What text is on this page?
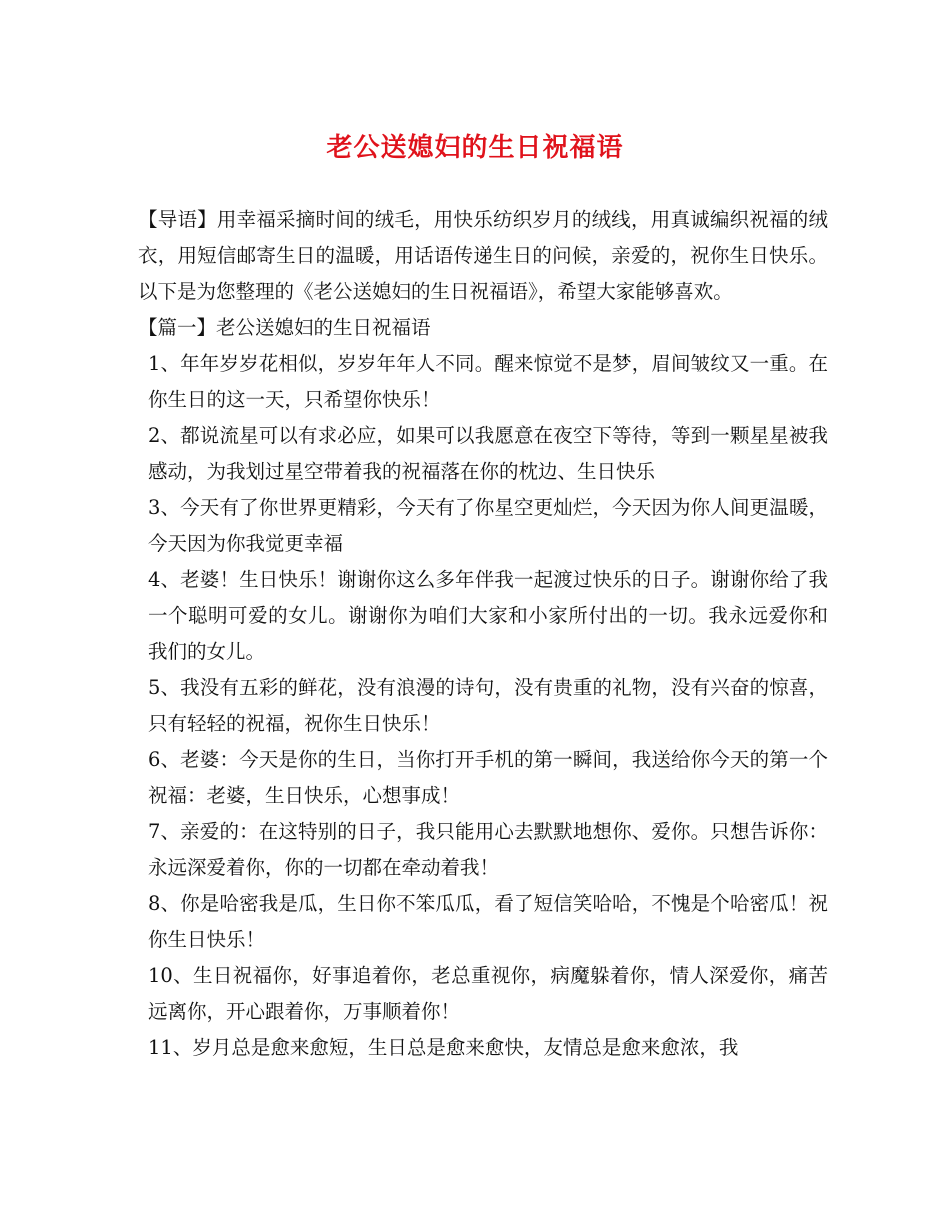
老公送媳妇的生日祝福语

【导语】用幸福采摘时间的绒毛，用快乐纺织岁月的绒线，用真诚编织祝福的绒衣，用短信邮寄生日的温暖，用话语传递生日的问候，亲爱的，祝你生日快乐。以下是为您整理的《老公送媳妇的生日祝福语》，希望大家能够喜欢。

【篇一】老公送媳妇的生日祝福语

1、年年岁岁花相似，岁岁年年人不同。醒来惊觉不是梦，眉间皱纹又一重。在你生日的这一天，只希望你快乐！

2、都说流星可以有求必应，如果可以我愿意在夜空下等待，等到一颗星星被我感动，为我划过星空带着我的祝福落在你的枕边、生日快乐

3、今天有了你世界更精彩，今天有了你星空更灿烂，今天因为你人间更温暖，今天因为你我觉更幸福

4、老婆！生日快乐！谢谢你这么多年伴我一起渡过快乐的日子。谢谢你给了我一个聪明可爱的女儿。谢谢你为咱们大家和小家所付出的一切。我永远爱你和我们的女儿。

5、我没有五彩的鲜花，没有浪漫的诗句，没有贵重的礼物，没有兴奋的惊喜，只有轻轻的祝福，祝你生日快乐！

6、老婆：今天是你的生日，当你打开手机的第一瞬间，我送给你今天的第一个祝福：老婆，生日快乐，心想事成！

7、亲爱的：在这特别的日子，我只能用心去默默地想你、爱你。只想告诉你：永远深爱着你，你的一切都在牵动着我！

8、你是哈密我是瓜，生日你不笨瓜瓜，看了短信笑哈哈，不愧是个哈密瓜！祝你生日快乐！

10、生日祝福你，好事追着你，老总重视你，病魔躲着你，情人深爱你，痛苦远离你，开心跟着你，万事顺着你！

11、岁月总是愈来愈短，生日总是愈来愈快，友情总是愈来愈浓，我
